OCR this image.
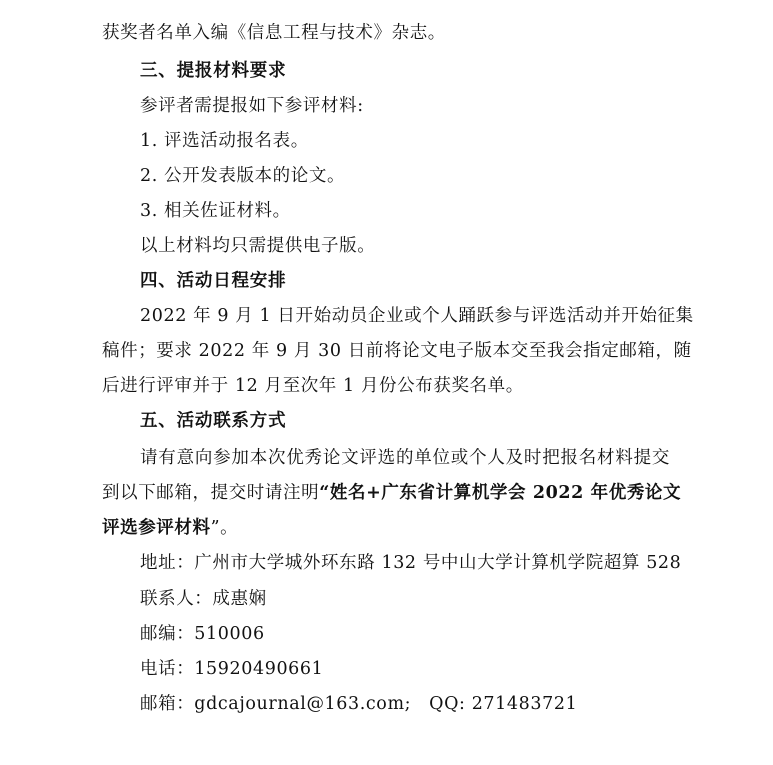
获奖者名单入编《信息工程与技术》杂志。
三、提报材料要求
参评者需提报如下参评材料:
1. 评选活动报名表。
2. 公开发表版本的论文。
3. 相关佐证材料。
以上材料均只需提供电子版。
四、活动日程安排
2022 年 9 月 1 日开始动员企业或个人踊跃参与评选活动并开始征集
稿件；要求 2022 年 9 月 30 日前将论文电子版本交至我会指定邮箱，随
后进行评审并于 12 月至次年 1 月份公布获奖名单。
五、活动联系方式
请有意向参加本次优秀论文评选的单位或个人及时把报名材料提交
到以下邮箱，提交时请注明“姓名+广东省计算机学会 2022 年优秀论文
评选参评材料”。
地址：广州市大学城外环东路 132 号中山大学计算机学院超算 528
联系人：成惠娴
邮编：510006
电话：15920490661
邮箱：gdcajournal@163.com; QQ: 271483721
